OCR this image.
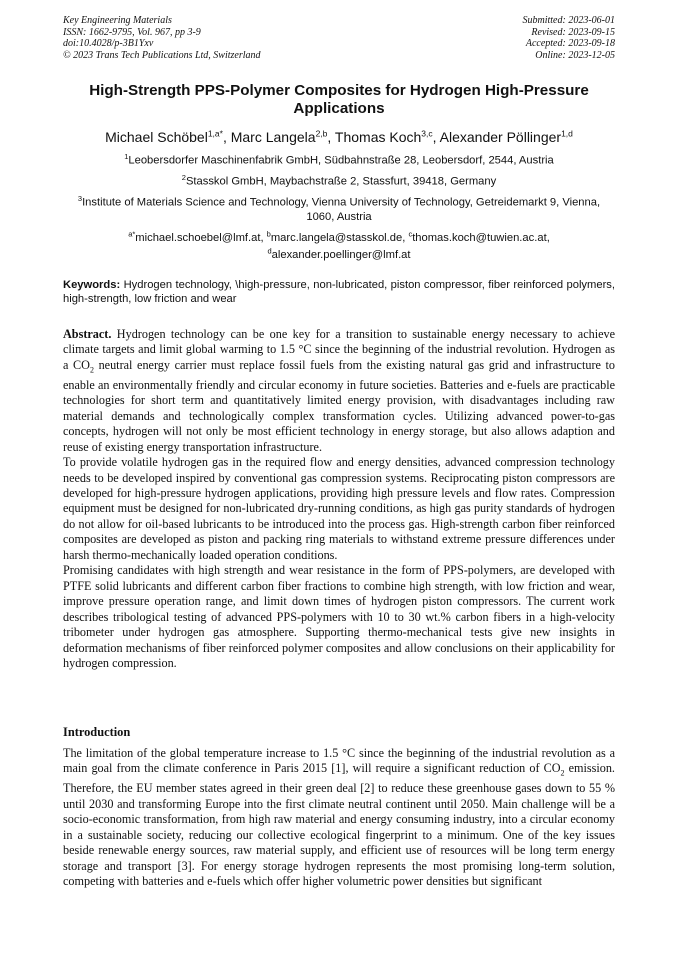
Key Engineering Materials
ISSN: 1662-9795, Vol. 967, pp 3-9
doi:10.4028/p-3B1Yxv
© 2023 Trans Tech Publications Ltd, Switzerland
Submitted: 2023-06-01
Revised: 2023-09-15
Accepted: 2023-09-18
Online: 2023-12-05
High-Strength PPS-Polymer Composites for Hydrogen High-Pressure Applications
Michael Schöbel$^{1,a*}$, Marc Langela$^{2,b}$, Thomas Koch$^{3,c}$, Alexander Pöllinger$^{1,d}$
$^1$Leobersdorfer Maschinenfabrik GmbH, Südbahnstraße 28, Leobersdorf, 2544, Austria
$^2$Stasskol GmbH, Maybachstraße 2, Stassfurt, 39418, Germany
$^3$Institute of Materials Science and Technology, Vienna University of Technology, Getreidemarkt 9, Vienna, 1060, Austria
$^{a*}$michael.schoebel@lmf.at, $^b$marc.langela@stasskol.de, $^c$thomas.koch@tuwien.ac.at,
$^d$alexander.poellinger@lmf.at
Keywords: Hydrogen technology, \high-pressure, non-lubricated, piston compressor, fiber reinforced polymers, high-strength, low friction and wear

Abstract. Hydrogen technology can be one key for a transition to sustainable energy necessary to achieve climate targets and limit global warming to 1.5 °C since the beginning of the industrial revolution. Hydrogen as a $CO_2$ neutral energy carrier must replace fossil fuels from the existing natural gas grid and infrastructure to enable an environmentally friendly and circular economy in future societies. Batteries and e-fuels are practicable technologies for short term and quantitatively limited energy provision, with disadvantages including raw material demands and technologically complex transformation cycles. Utilizing advanced power-to-gas concepts, hydrogen will not only be most efficient technology in energy storage, but also allows adaption and reuse of existing energy transportation infrastructure.

To provide volatile hydrogen gas in the required flow and energy densities, advanced compression technology needs to be developed inspired by conventional gas compression systems. Reciprocating piston compressors are developed for high-pressure hydrogen applications, providing high pressure levels and flow rates. Compression equipment must be designed for non-lubricated dry-running conditions, as high gas purity standards of hydrogen do not allow for oil-based lubricants to be introduced into the process gas. High-strength carbon fiber reinforced composites are developed as piston and packing ring materials to withstand extreme pressure differences under harsh thermo-mechanically loaded operation conditions.

Promising candidates with high strength and wear resistance in the form of PPS-polymers, are developed with PTFE solid lubricants and different carbon fiber fractions to combine high strength, with low friction and wear, improve pressure operation range, and limit down times of hydrogen piston compressors. The current work describes tribological testing of advanced PPS-polymers with 10 to 30 wt.% carbon fibers in a high-velocity tribometer under hydrogen gas atmosphere. Supporting thermo-mechanical tests give new insights in deformation mechanisms of fiber reinforced polymer composites and allow conclusions on their applicability for hydrogen compression.

Introduction

The limitation of the global temperature increase to 1.5 °C since the beginning of the industrial revolution as a main goal from the climate conference in Paris 2015 [1], will require a significant reduction of $CO_2$ emission. Therefore, the EU member states agreed in their green deal [2] to reduce these greenhouse gases down to 55 % until 2030 and transforming Europe into the first climate neutral continent until 2050. Main challenge will be a socio-economic transformation, from high raw material and energy consuming industry, into a circular economy in a sustainable society, reducing our collective ecological fingerprint to a minimum. One of the key issues beside renewable energy sources, raw material supply, and efficient use of resources will be long term energy storage and transport [3]. For energy storage hydrogen represents the most promising long-term solution, competing with batteries and e-fuels which offer higher volumetric power densities but significant
